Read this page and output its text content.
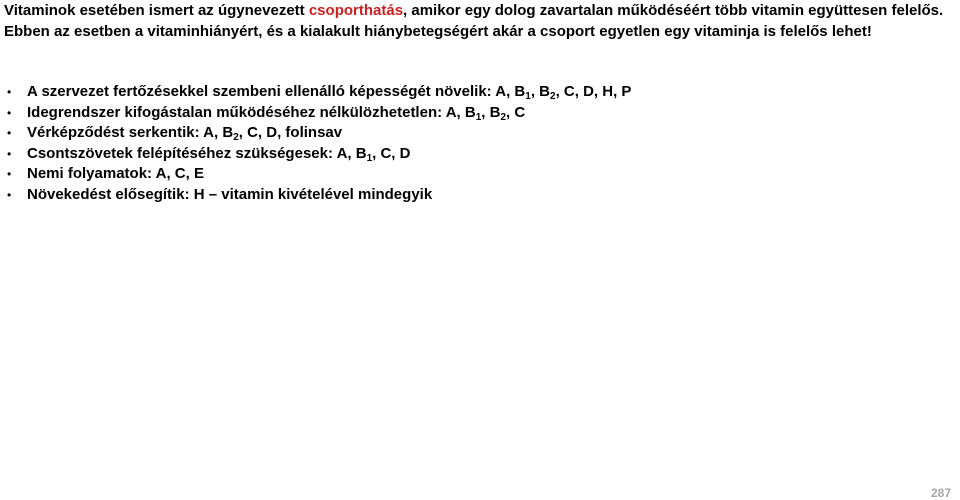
Vitaminok esetében ismert az úgynevezett csoporthatás, amikor egy dolog zavartalan működéséért több vitamin együttesen felelős. Ebben az esetben a vitaminhiányért, és a kialakult hiánybetegségért akár a csoport egyetlen egy vitaminja is felelős lehet!

• A szervezet fertőzésekkel szembeni ellenálló képességét növelik: A, $B_1$, $B_2$, C, D, H, P
• Idegrendszer kifogástalan működéséhez nélkülözhetetlen: A, $B_1$, $B_2$, C
• Vérképződést serkentik: A, $B_2$, C, D, folinsav
• Csontszövetek felépítéséhez szükségesek: A, $B_1$, C, D
• Nemi folyamatok: A, C, E
• Növekedést elősegítik: H – vitamin kivételével mindegyik
287
